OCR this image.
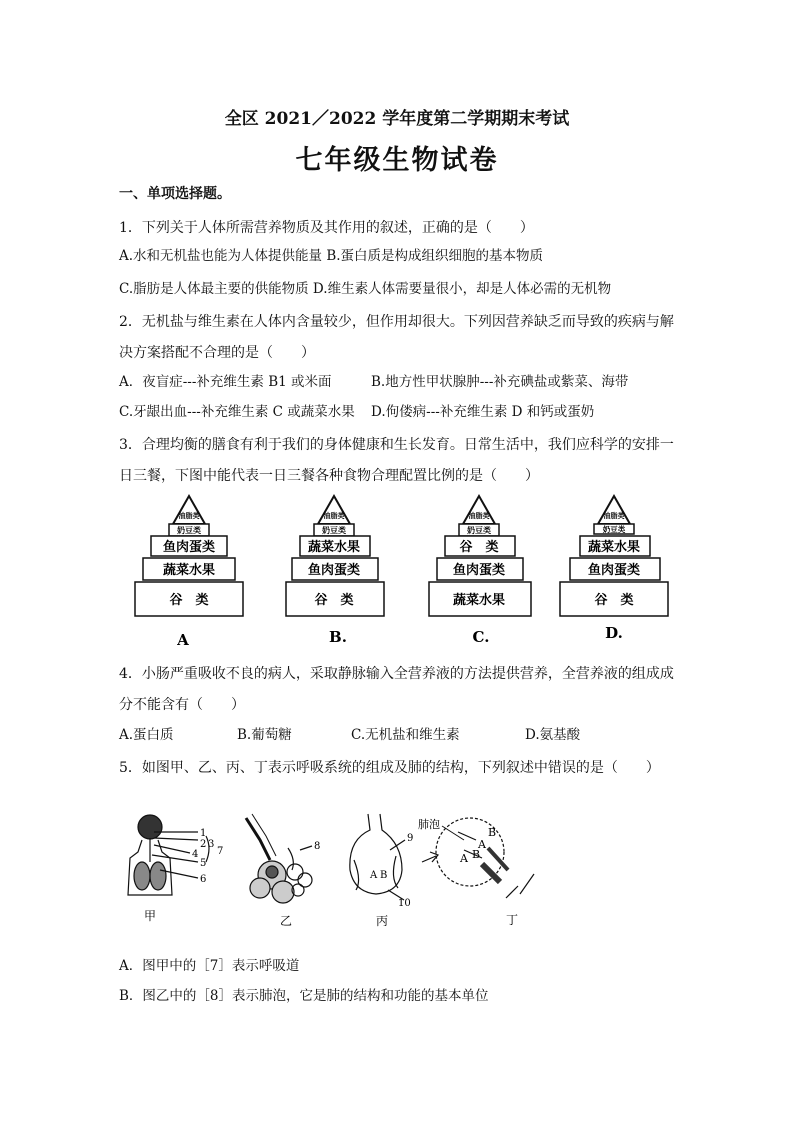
全区 2021／2022 学年度第二学期期末考试
七年级生物试卷
一、单项选择题。
1．下列关于人体所需营养物质及其作用的叙述，正确的是（　　）
A.水和无机盐也能为人体提供能量 B.蛋白质是构成组织细胞的基本物质
C.脂肪是人体最主要的供能物质 D.维生素人体需要量很小，却是人体必需的无机物
2．无机盐与维生素在人体内含量较少，但作用却很大。下列因营养缺乏而导致的疾病与解
决方案搭配不合理的是（　　）
A．夜盲症---补充维生素 B1 或米面	B.地方性甲状腺肿---补充碘盐或紫菜、海带
C.牙龈出血---补充维生素 C 或蔬菜水果 D.佝偻病---补充维生素 D 和钙或蛋奶
3．合理均衡的膳食有利于我们的身体健康和生长发育。日常生活中，我们应科学的安排一
日三餐，下图中能代表一日三餐各种食物合理配置比例的是（　　）
油脂类
奶豆类
鱼肉蛋类
蔬菜水果
谷　类
A
油脂类
奶豆类
蔬菜水果
鱼肉蛋类
谷　类
B.
油脂类
奶豆类
谷　类
鱼肉蛋类
蔬菜水果
C.
油脂类
奶豆类
蔬菜水果
鱼肉蛋类
谷　类
D.
4．小肠严重吸收不良的病人，采取静脉输入全营养液的方法提供营养，全营养液的组成成
分不能含有（　　）
A.蛋白质	B.葡萄糖	C.无机盐和维生素	D.氨基酸
5．如图甲、乙、丙、丁表示呼吸系统的组成及肺的结构，下列叙述中错误的是（　　）
1
2 3
4
5
6
7
甲
8
乙
9
A B
10
丙
肺泡
B
A
B
A
丁
A．图甲中的［7］表示呼吸道
B．图乙中的［8］表示肺泡，它是肺的结构和功能的基本单位
